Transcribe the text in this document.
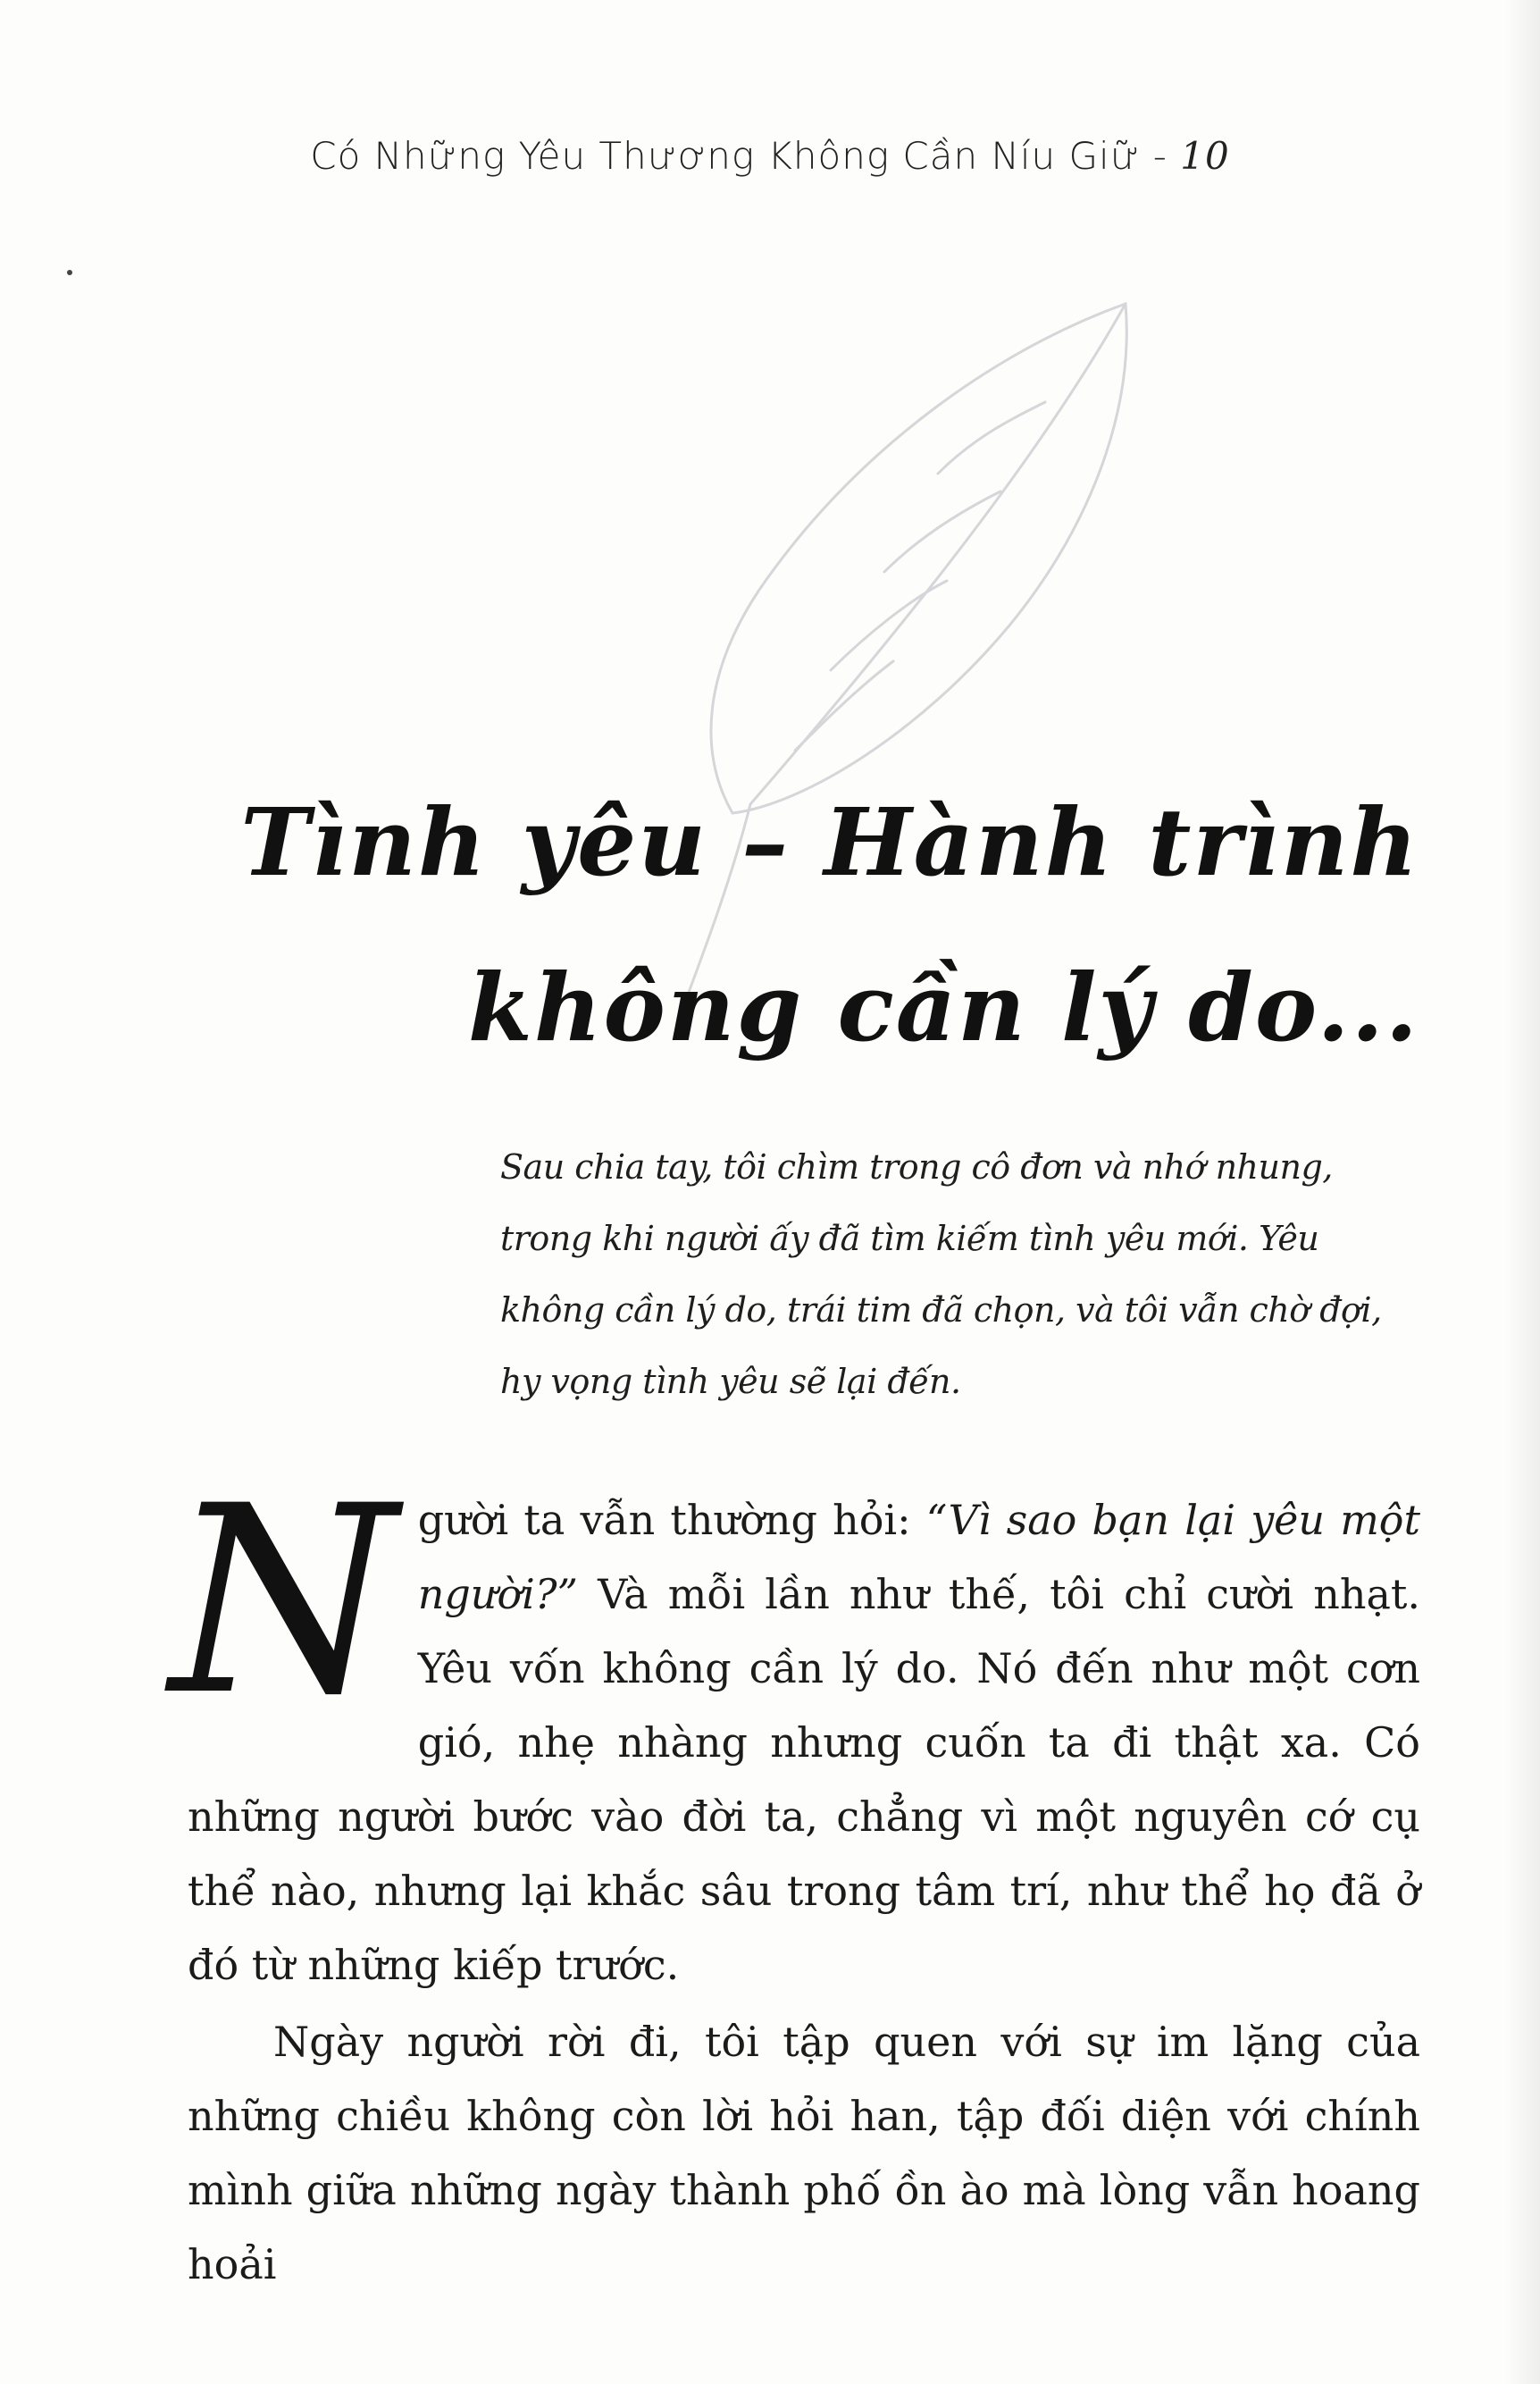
Có Những Yêu Thương Không Cần Níu Giữ - 10
Tình yêu – Hành trình
không cần lý do...

Sau chia tay, tôi chìm trong cô đơn và nhớ nhung, trong khi người ấy đã tìm kiếm tình yêu mới. Yêu không cần lý do, trái tim đã chọn, và tôi vẫn chờ đợi, hy vọng tình yêu sẽ lại đến.

Người ta vẫn thường hỏi: “Vì sao bạn lại yêu một người?” Và mỗi lần như thế, tôi chỉ cười nhạt. Yêu vốn không cần lý do. Nó đến như một cơn gió, nhẹ nhàng nhưng cuốn ta đi thật xa. Có những người bước vào đời ta, chẳng vì một nguyên cớ cụ thể nào, nhưng lại khắc sâu trong tâm trí, như thể họ đã ở đó từ những kiếp trước.

Ngày người rời đi, tôi tập quen với sự im lặng của những chiều không còn lời hỏi han, tập đối diện với chính mình giữa những ngày thành phố ồn ào mà lòng vẫn hoang hoải
